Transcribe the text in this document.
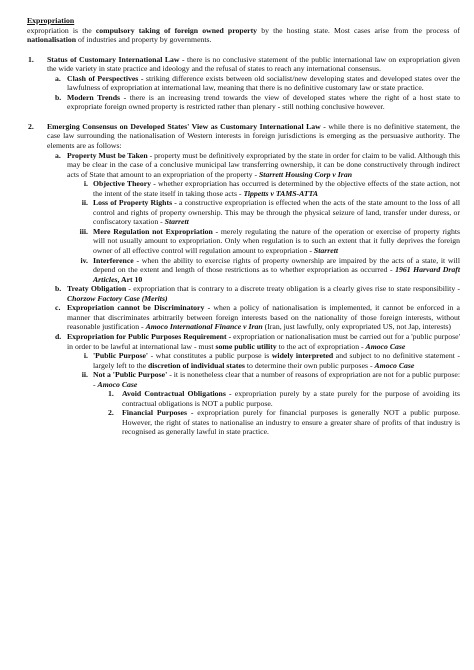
Expropriation

expropriation is the compulsory taking of foreign owned property by the hosting state. Most cases arise from the process of nationalisation of industries and property by governments.

1. Status of Customary International Law - there is no conclusive statement of the public international law on expropriation given the wide variety in state practice and ideology and the refusal of states to reach any international consensus.

a. Clash of Perspectives - striking difference exists between old socialist/new developing states and developed states over the lawfulness of expropriation at international law, meaning that there is no definitive customary law or state practice.

b. Modern Trends - there is an increasing trend towards the view of developed states where the right of a host state to expropriate foreign owned property is restricted rather than plenary - still nothing conclusive however.

2. Emerging Consensus on Developed States' View as Customary International Law - while there is no definitive statement, the case law surrounding the nationalisation of Western interests in foreign jurisdictions is emerging as the persuasive authority. The elements are as follows:

a. Property Must be Taken - property must be definitively expropriated by the state in order for claim to be valid. Although this may be clear in the case of a conclusive municipal law transferring ownership, it can be done constructively through indirect acts of State that amount to an expropriation of the property - Starrett Housing Corp v Iran

i. Objective Theory - whether expropriation has occurred is determined by the objective effects of the state action, not the intent of the state itself in taking those acts - Tippetts v TAMS-ATTA

ii. Loss of Property Rights - a constructive expropriation is effected when the acts of the state amount to the loss of all control and rights of property ownership. This may be through the physical seizure of land, transfer under duress, or confiscatory taxation - Starrett

iii. Mere Regulation not Expropriation - merely regulating the nature of the operation or exercise of property rights will not usually amount to expropriation. Only when regulation is to such an extent that it fully deprives the foreign owner of all effective control will regulation amount to expropriation - Starrett

iv. Interference - when the ability to exercise rights of property ownership are impaired by the acts of a state, it will depend on the extent and length of those restrictions as to whether expropriation as occurred - 1961 Harvard Draft Articles, Art 10

b. Treaty Obligation - expropriation that is contrary to a discrete treaty obligation is a clearly gives rise to state responsibility - Chorzow Factory Case (Merits)

c. Expropriation cannot be Discriminatory - when a policy of nationalisation is implemented, it cannot be enforced in a manner that discriminates arbitrarily between foreign interests based on the nationality of those foreign interests, without reasonable justification - Amoco International Finance v Iran (Iran, just lawfully, only expropriated US, not Jap, interests)

d. Expropriation for Public Purposes Requirement - expropriation or nationalisation must be carried out for a 'public purpose' in order to be lawful at international law - must some public utility to the act of expropriation - Amoco Case

i. 'Public Purpose' - what constitutes a public purpose is widely interpreted and subject to no definitive statement - largely left to the discretion of individual states to determine their own public purposes - Amoco Case

ii. Not a 'Public Purpose' - it is nonetheless clear that a number of reasons of expropriation are not for a public purpose: - Amoco Case

1. Avoid Contractual Obligations - expropriation purely by a state purely for the purpose of avoiding its contractual obligations is NOT a public purpose.

2. Financial Purposes - expropriation purely for financial purposes is generally NOT a public purpose. However, the right of states to nationalise an industry to ensure a greater share of profits of that industry is recognised as generally lawful in state practice.
